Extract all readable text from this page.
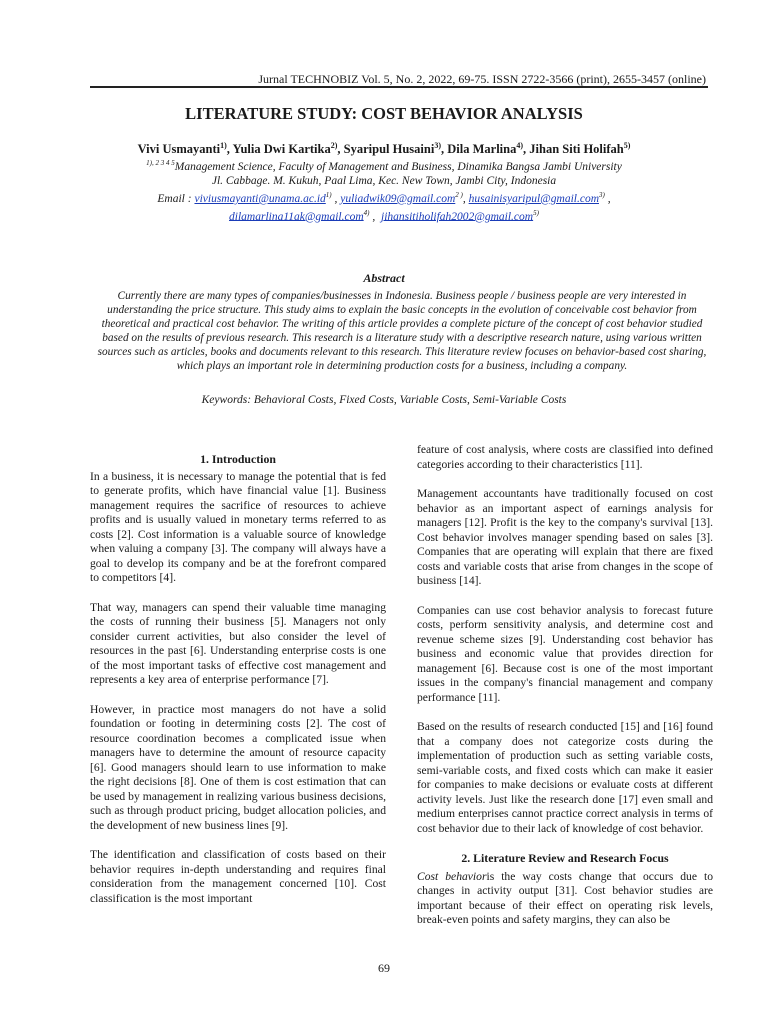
Jurnal TECHNOBIZ Vol. 5, No. 2, 2022, 69-75. ISSN 2722-3566 (print), 2655-3457 (online)
LITERATURE STUDY: COST BEHAVIOR ANALYSIS
Vivi Usmayanti$^{1)}$, Yulia Dwi Kartika$^{2)}$, Syaripul Husaini$^{3)}$, Dila Marlina$^{4)}$, Jihan Siti Holifah$^{5)}$
$^{1), 2 3 4 5}$Management Science, Faculty of Management and Business, Dinamika Bangsa Jambi University
Jl. Cabbage. M. Kukuh, Paal Lima, Kec. New Town, Jambi City, Indonesia
Email : $viviusmayanti@unama.ac.id^{1)}$ , yuliadwik09@gmail.com$^{2 )}$, husainisyaripul@gmail.com$^{3)}$ ,
dilamarlina11ak@gmail.com$^{4)}$ ,  jihansitiholifah2002@gmail.com$^{5)}$
Abstract
Currently there are many types of companies/businesses in Indonesia. Business people / business people are very interested in understanding the price structure. This study aims to explain the basic concepts in the evolution of conceivable cost behavior from theoretical and practical cost behavior. The writing of this article provides a complete picture of the concept of cost behavior studied based on the results of previous research. This research is a literature study with a descriptive research nature, using various written sources such as articles, books and documents relevant to this research. This literature review focuses on behavior-based cost sharing, which plays an important role in determining production costs for a business, including a company.
Keywords: Behavioral Costs, Fixed Costs, Variable Costs, Semi-Variable Costs
1. Introduction

In a business, it is necessary to manage the potential that is fed to generate profits, which have financial value [1]. Business management requires the sacrifice of resources to achieve profits and is usually valued in monetary terms referred to as costs [2]. Cost information is a valuable source of knowledge when valuing a company [3]. The company will always have a goal to develop its company and be at the forefront compared to competitors [4].

That way, managers can spend their valuable time managing the costs of running their business [5]. Managers not only consider current activities, but also consider the level of resources in the past [6]. Understanding enterprise costs is one of the most important tasks of effective cost management and represents a key area of enterprise performance [7].

However, in practice most managers do not have a solid foundation or footing in determining costs [2]. The cost of resource coordination becomes a complicated issue when managers have to determine the amount of resource capacity [6]. Good managers should learn to use information to make the right decisions [8]. One of them is cost estimation that can be used by management in realizing various business decisions, such as through product pricing, budget allocation policies, and the development of new business lines [9].

The identification and classification of costs based on their behavior requires in-depth understanding and requires final consideration from the management concerned [10]. Cost classification is the most important

feature of cost analysis, where costs are classified into defined categories according to their characteristics [11].

Management accountants have traditionally focused on cost behavior as an important aspect of earnings analysis for managers [12]. Profit is the key to the company's survival [13]. Cost behavior involves manager spending based on sales [3]. Companies that are operating will explain that there are fixed costs and variable costs that arise from changes in the scope of business [14].

Companies can use cost behavior analysis to forecast future costs, perform sensitivity analysis, and determine cost and revenue scheme sizes [9]. Understanding cost behavior has business and economic value that provides direction for management [6]. Because cost is one of the most important issues in the company's financial management and company performance [11].

Based on the results of research conducted [15] and [16] found that a company does not categorize costs during the implementation of production such as setting variable costs, semi-variable costs, and fixed costs which can make it easier for companies to make decisions or evaluate costs at different activity levels. Just like the research done [17] even small and medium enterprises cannot practice correct analysis in terms of cost behavior due to their lack of knowledge of cost behavior.

2. Literature Review and Research Focus

Cost behavioris the way costs change that occurs due to changes in activity output [31]. Cost behavior studies are important because of their effect on operating risk levels, break-even points and safety margins, they can also be

69
